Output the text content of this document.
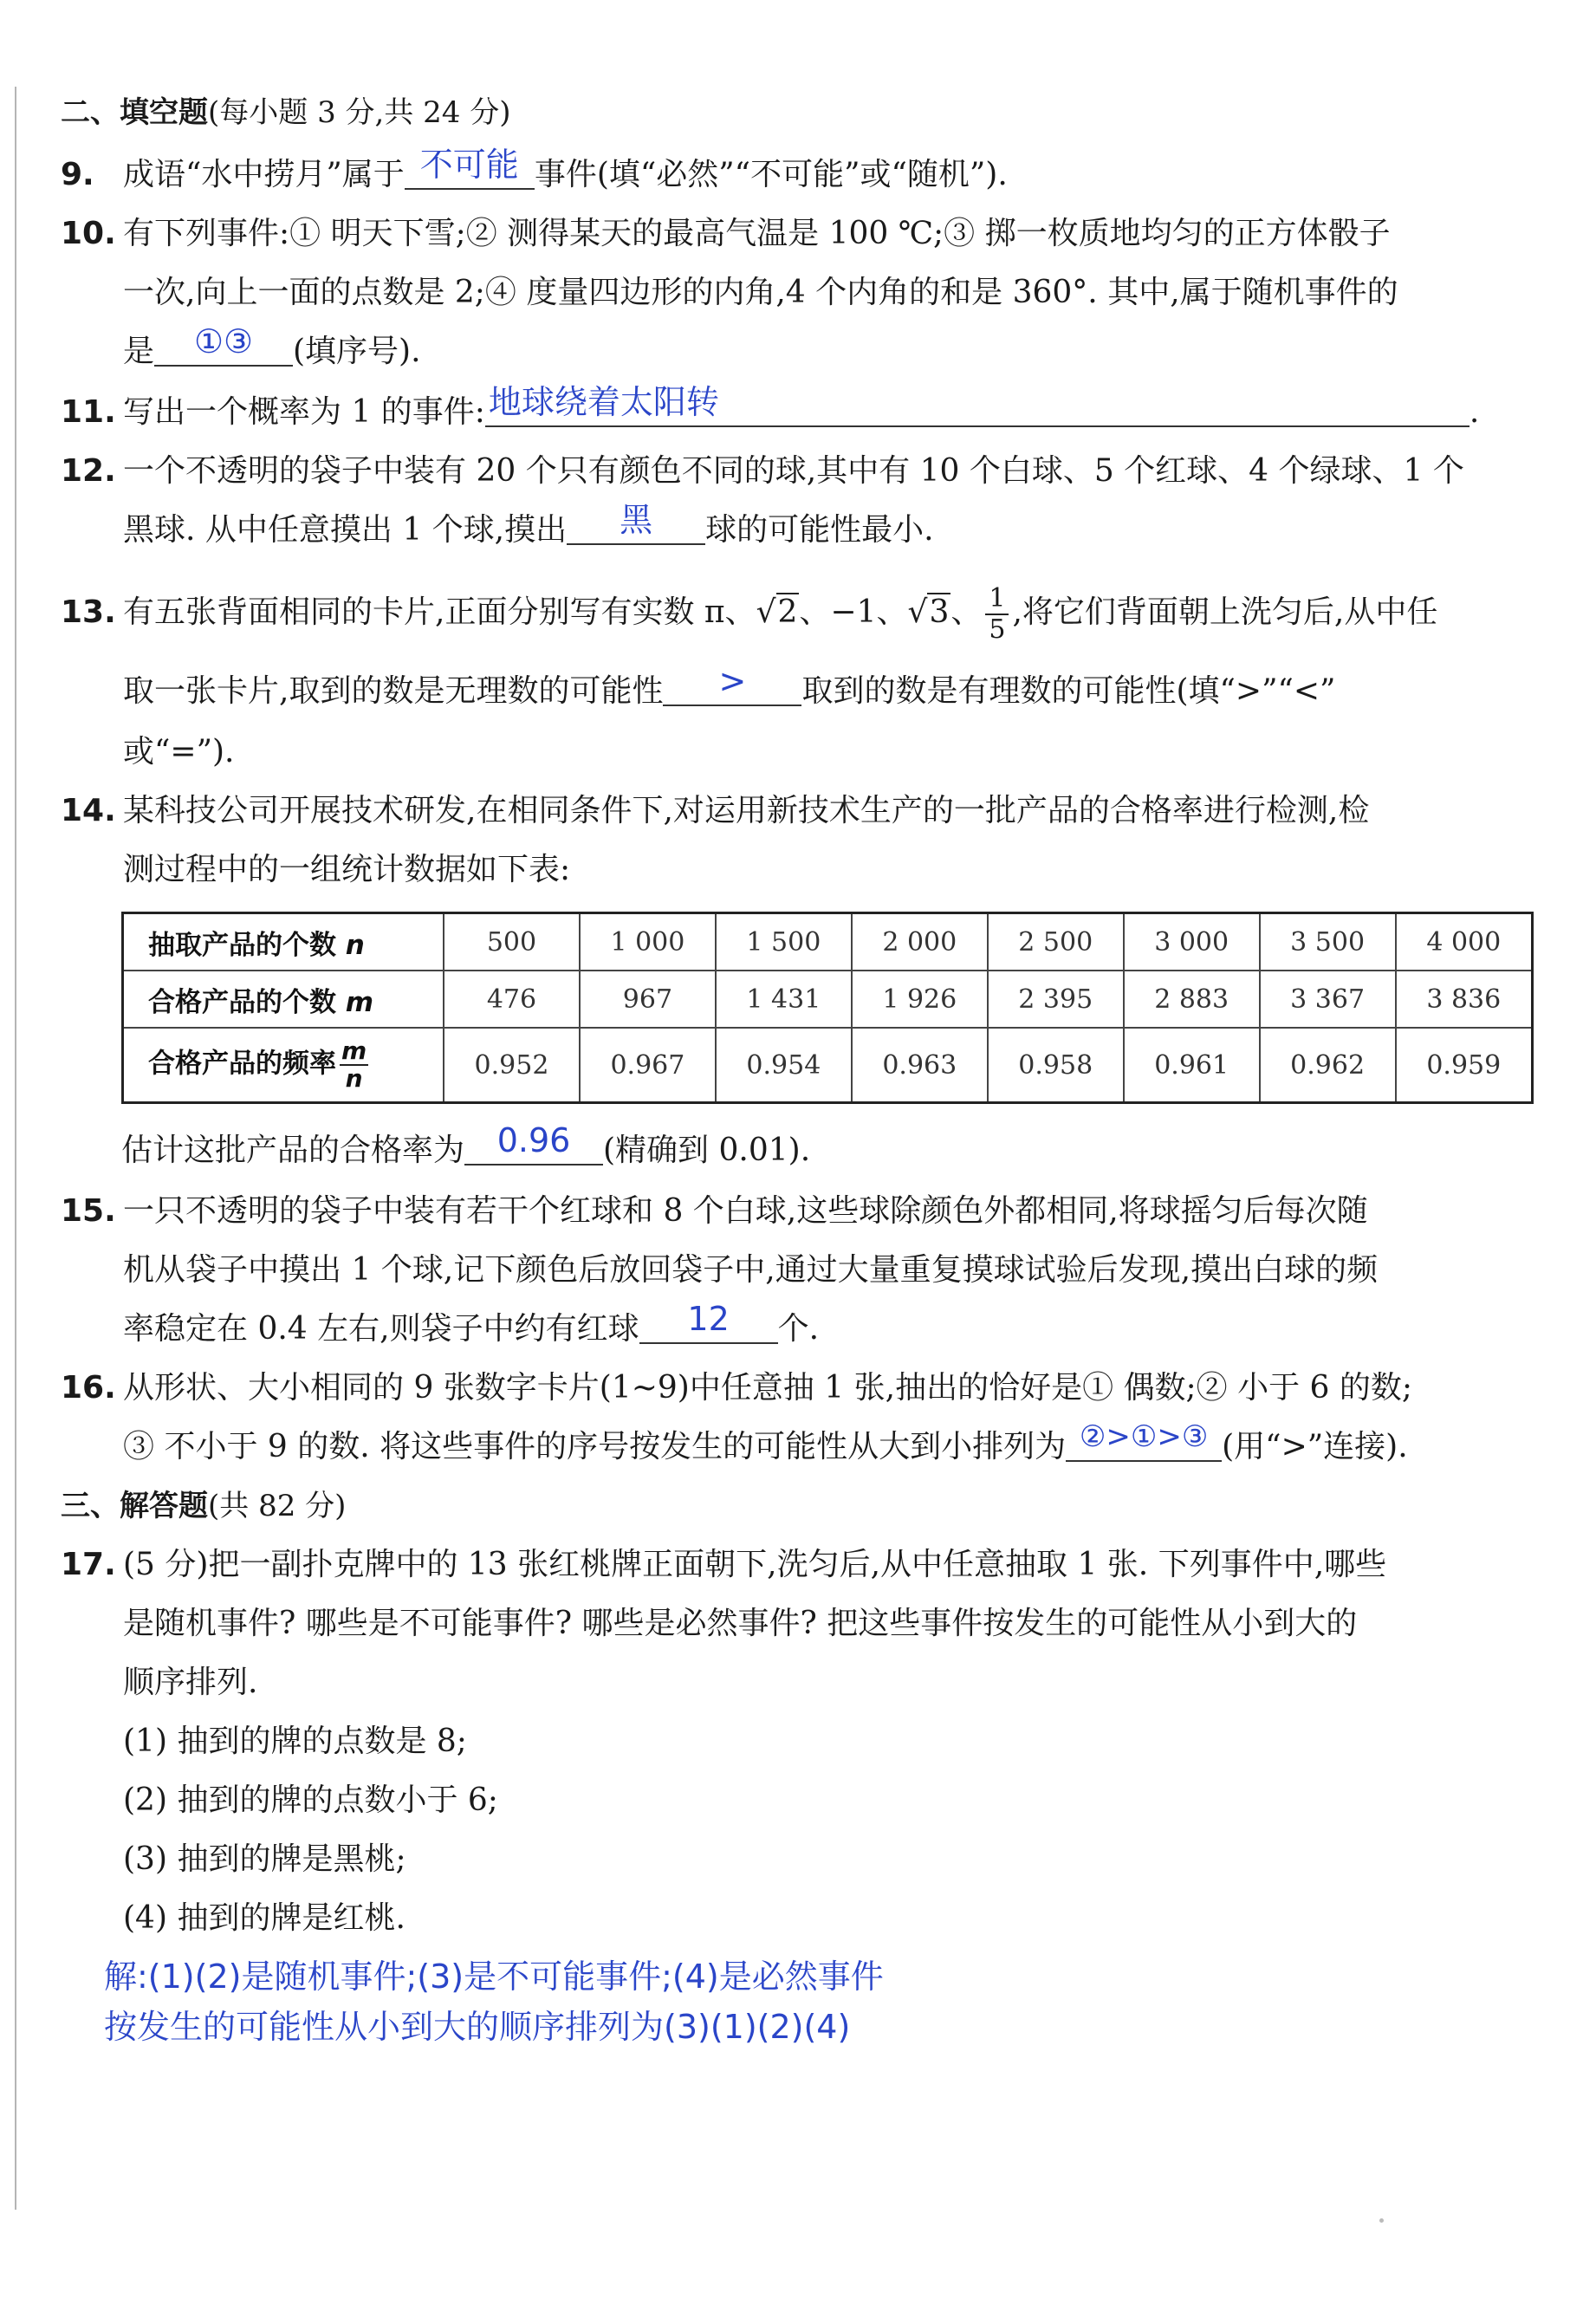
二、填空题(每小题 3 分,共 24 分)
9. 成语“水中捞月”属于 不可能 事件(填“必然”“不可能”或“随机”).
10. 有下列事件:① 明天下雪;② 测得某天的最高气温是 100 ℃;③ 掷一枚质地均匀的正方体骰子
一次,向上一面的点数是 2;④ 度量四边形的内角,4 个内角的和是 360°. 其中,属于随机事件的
是	①③	(填序号).
11. 写出一个概率为 1 的事件: 地球绕着太阳转	.
12. 一个不透明的袋子中装有 20 个只有颜色不同的球,其中有 10 个白球、5 个红球、4 个绿球、1 个
黑球. 从中任意摸出 1 个球,摸出	黑	球的可能性最小.
13. 有五张背面相同的卡片,正面分别写有实数 π、√2、−1、√3、 $\frac{1}{5}$ ,将它们背面朝上洗匀后,从中任
取一张卡片,取到的数是无理数的可能性	>	取到的数是有理数的可能性(填“>”“<”
或“=”).
14. 某科技公司开展技术研发,在相同条件下,对运用新技术生产的一批产品的合格率进行检测,检
测过程中的一组统计数据如下表:
抽取产品的个数 n	500	1 000	1 500	2 000	2 500	3 000	3 500	4 000
合格产品的个数 m	476	967	1 431	1 926	2 395	2 883	3 367	3 836
合格产品的频率 $\frac{m}{n}$	0.952	0.967	0.954	0.963	0.958	0.961	0.962	0.959
估计这批产品的合格率为 0.96	(精确到 0.01).
15. 一只不透明的袋子中装有若干个红球和 8 个白球,这些球除颜色外都相同,将球摇匀后每次随
机从袋子中摸出 1 个球,记下颜色后放回袋子中,通过大量重复摸球试验后发现,摸出白球的频
率稳定在 0.4 左右,则袋子中约有红球	12	个.
16. 从形状、大小相同的 9 张数字卡片(1~9)中任意抽 1 张,抽出的恰好是① 偶数;② 小于 6 的数;
③ 不小于 9 的数. 将这些事件的序号按发生的可能性从大到小排列为 ②>①>③ (用“>”连接).
三、解答题(共 82 分)
17. (5 分)把一副扑克牌中的 13 张红桃牌正面朝下,洗匀后,从中任意抽取 1 张. 下列事件中,哪些
是随机事件? 哪些是不可能事件? 哪些是必然事件? 把这些事件按发生的可能性从小到大的
顺序排列.
(1) 抽到的牌的点数是 8;
(2) 抽到的牌的点数小于 6;
(3) 抽到的牌是黑桃;
(4) 抽到的牌是红桃.
解:(1)(2)是随机事件;(3)是不可能事件;(4)是必然事件
按发生的可能性从小到大的顺序排列为(3)(1)(2)(4)
